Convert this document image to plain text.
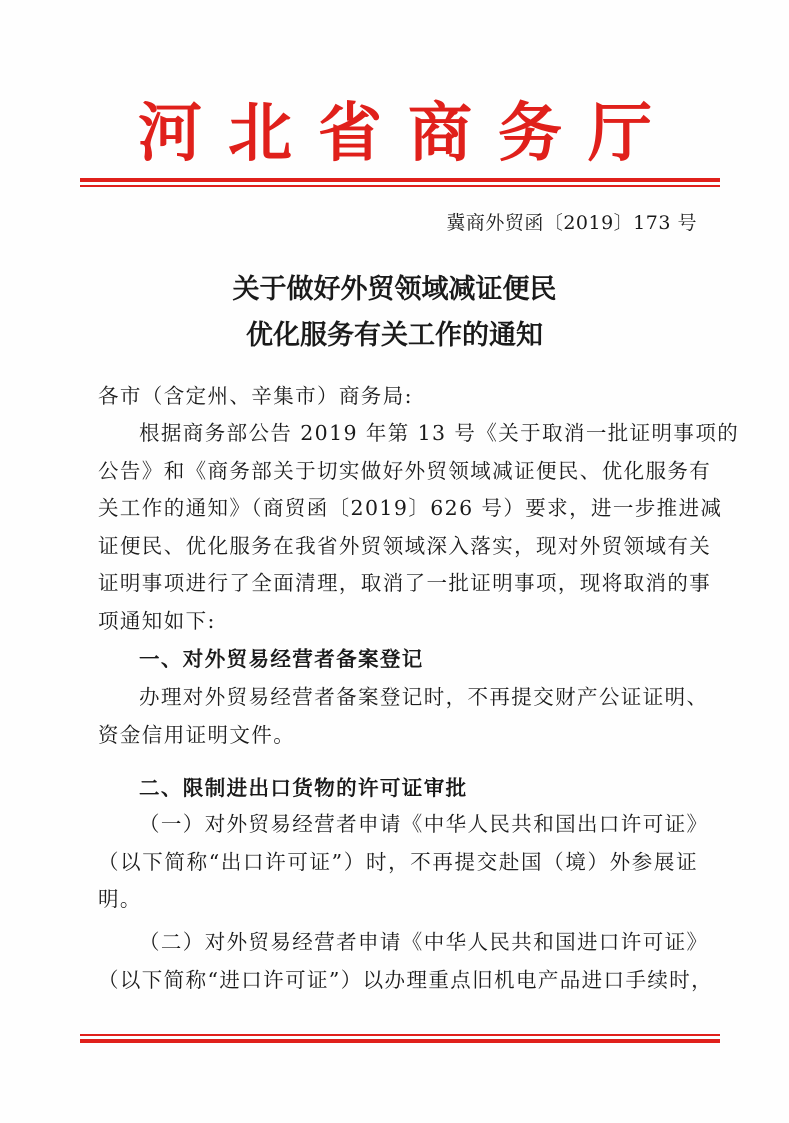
河北省商务厅
冀商外贸函〔2019〕173 号
关于做好外贸领域减证便民
优化服务有关工作的通知
各市（含定州、辛集市）商务局:
根据商务部公告 2019 年第 13 号《关于取消一批证明事项的
公告》和《商务部关于切实做好外贸领域减证便民、优化服务有
关工作的通知》（商贸函〔2019〕626 号）要求，进一步推进减
证便民、优化服务在我省外贸领域深入落实，现对外贸领域有关
证明事项进行了全面清理，取消了一批证明事项，现将取消的事
项通知如下:
一、对外贸易经营者备案登记
办理对外贸易经营者备案登记时，不再提交财产公证证明、
资金信用证明文件。
二、限制进出口货物的许可证审批
（一）对外贸易经营者申请《中华人民共和国出口许可证》
（以下简称“出口许可证”）时，不再提交赴国（境）外参展证
明。
（二）对外贸易经营者申请《中华人民共和国进口许可证》
（以下简称“进口许可证”）以办理重点旧机电产品进口手续时，
